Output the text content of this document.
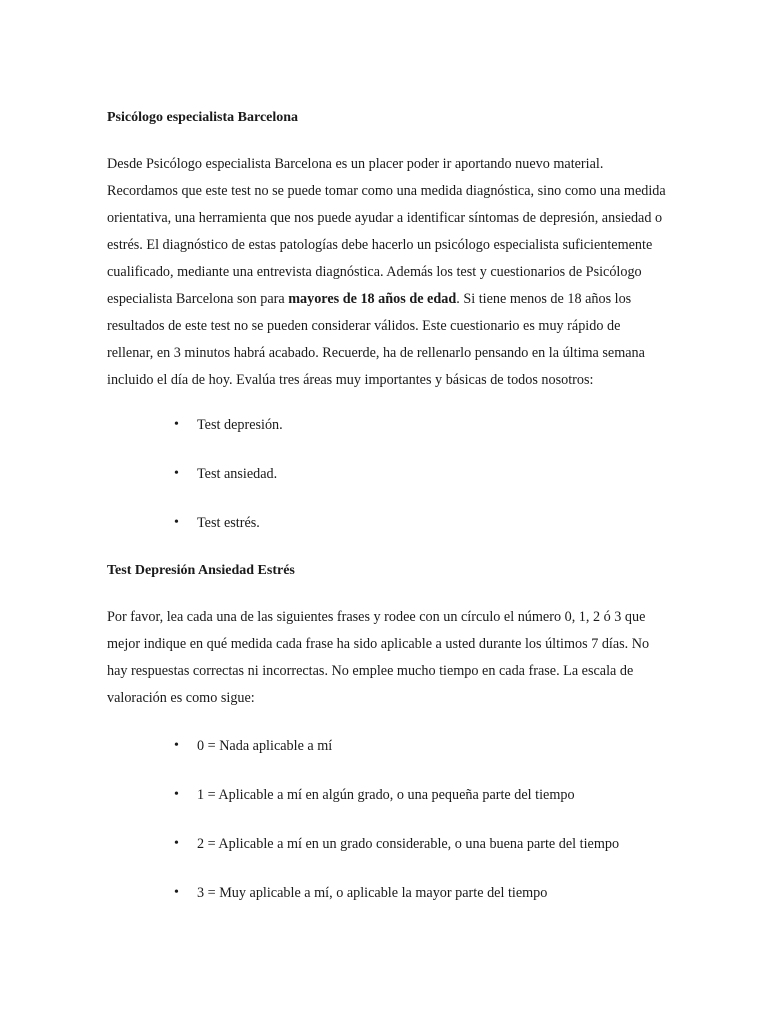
Psicólogo especialista Barcelona

Desde Psicólogo especialista Barcelona es un placer poder ir aportando nuevo material. Recordamos que este test no se puede tomar como una medida diagnóstica, sino como una medida orientativa, una herramienta que nos puede ayudar a identificar síntomas de depresión, ansiedad o estrés. El diagnóstico de estas patologías debe hacerlo un psicólogo especialista suficientemente cualificado, mediante una entrevista diagnóstica. Además los test y cuestionarios de Psicólogo especialista Barcelona son para mayores de 18 años de edad. Si tiene menos de 18 años los resultados de este test no se pueden considerar válidos. Este cuestionario es muy rápido de rellenar, en 3 minutos habrá acabado. Recuerde, ha de rellenarlo pensando en la última semana incluido el día de hoy. Evalúa tres áreas muy importantes y básicas de todos nosotros:

• Test depresión.
• Test ansiedad.
• Test estrés.
Test Depresión Ansiedad Estrés

Por favor, lea cada una de las siguientes frases y rodee con un círculo el número 0, 1, 2 ó 3 que mejor indique en qué medida cada frase ha sido aplicable a usted durante los últimos 7 días. No hay respuestas correctas ni incorrectas. No emplee mucho tiempo en cada frase. La escala de valoración es como sigue:

• 0 = Nada aplicable a mí
• 1 = Aplicable a mí en algún grado, o una pequeña parte del tiempo
• 2 = Aplicable a mí en un grado considerable, o una buena parte del tiempo
• 3 = Muy aplicable a mí, o aplicable la mayor parte del tiempo
